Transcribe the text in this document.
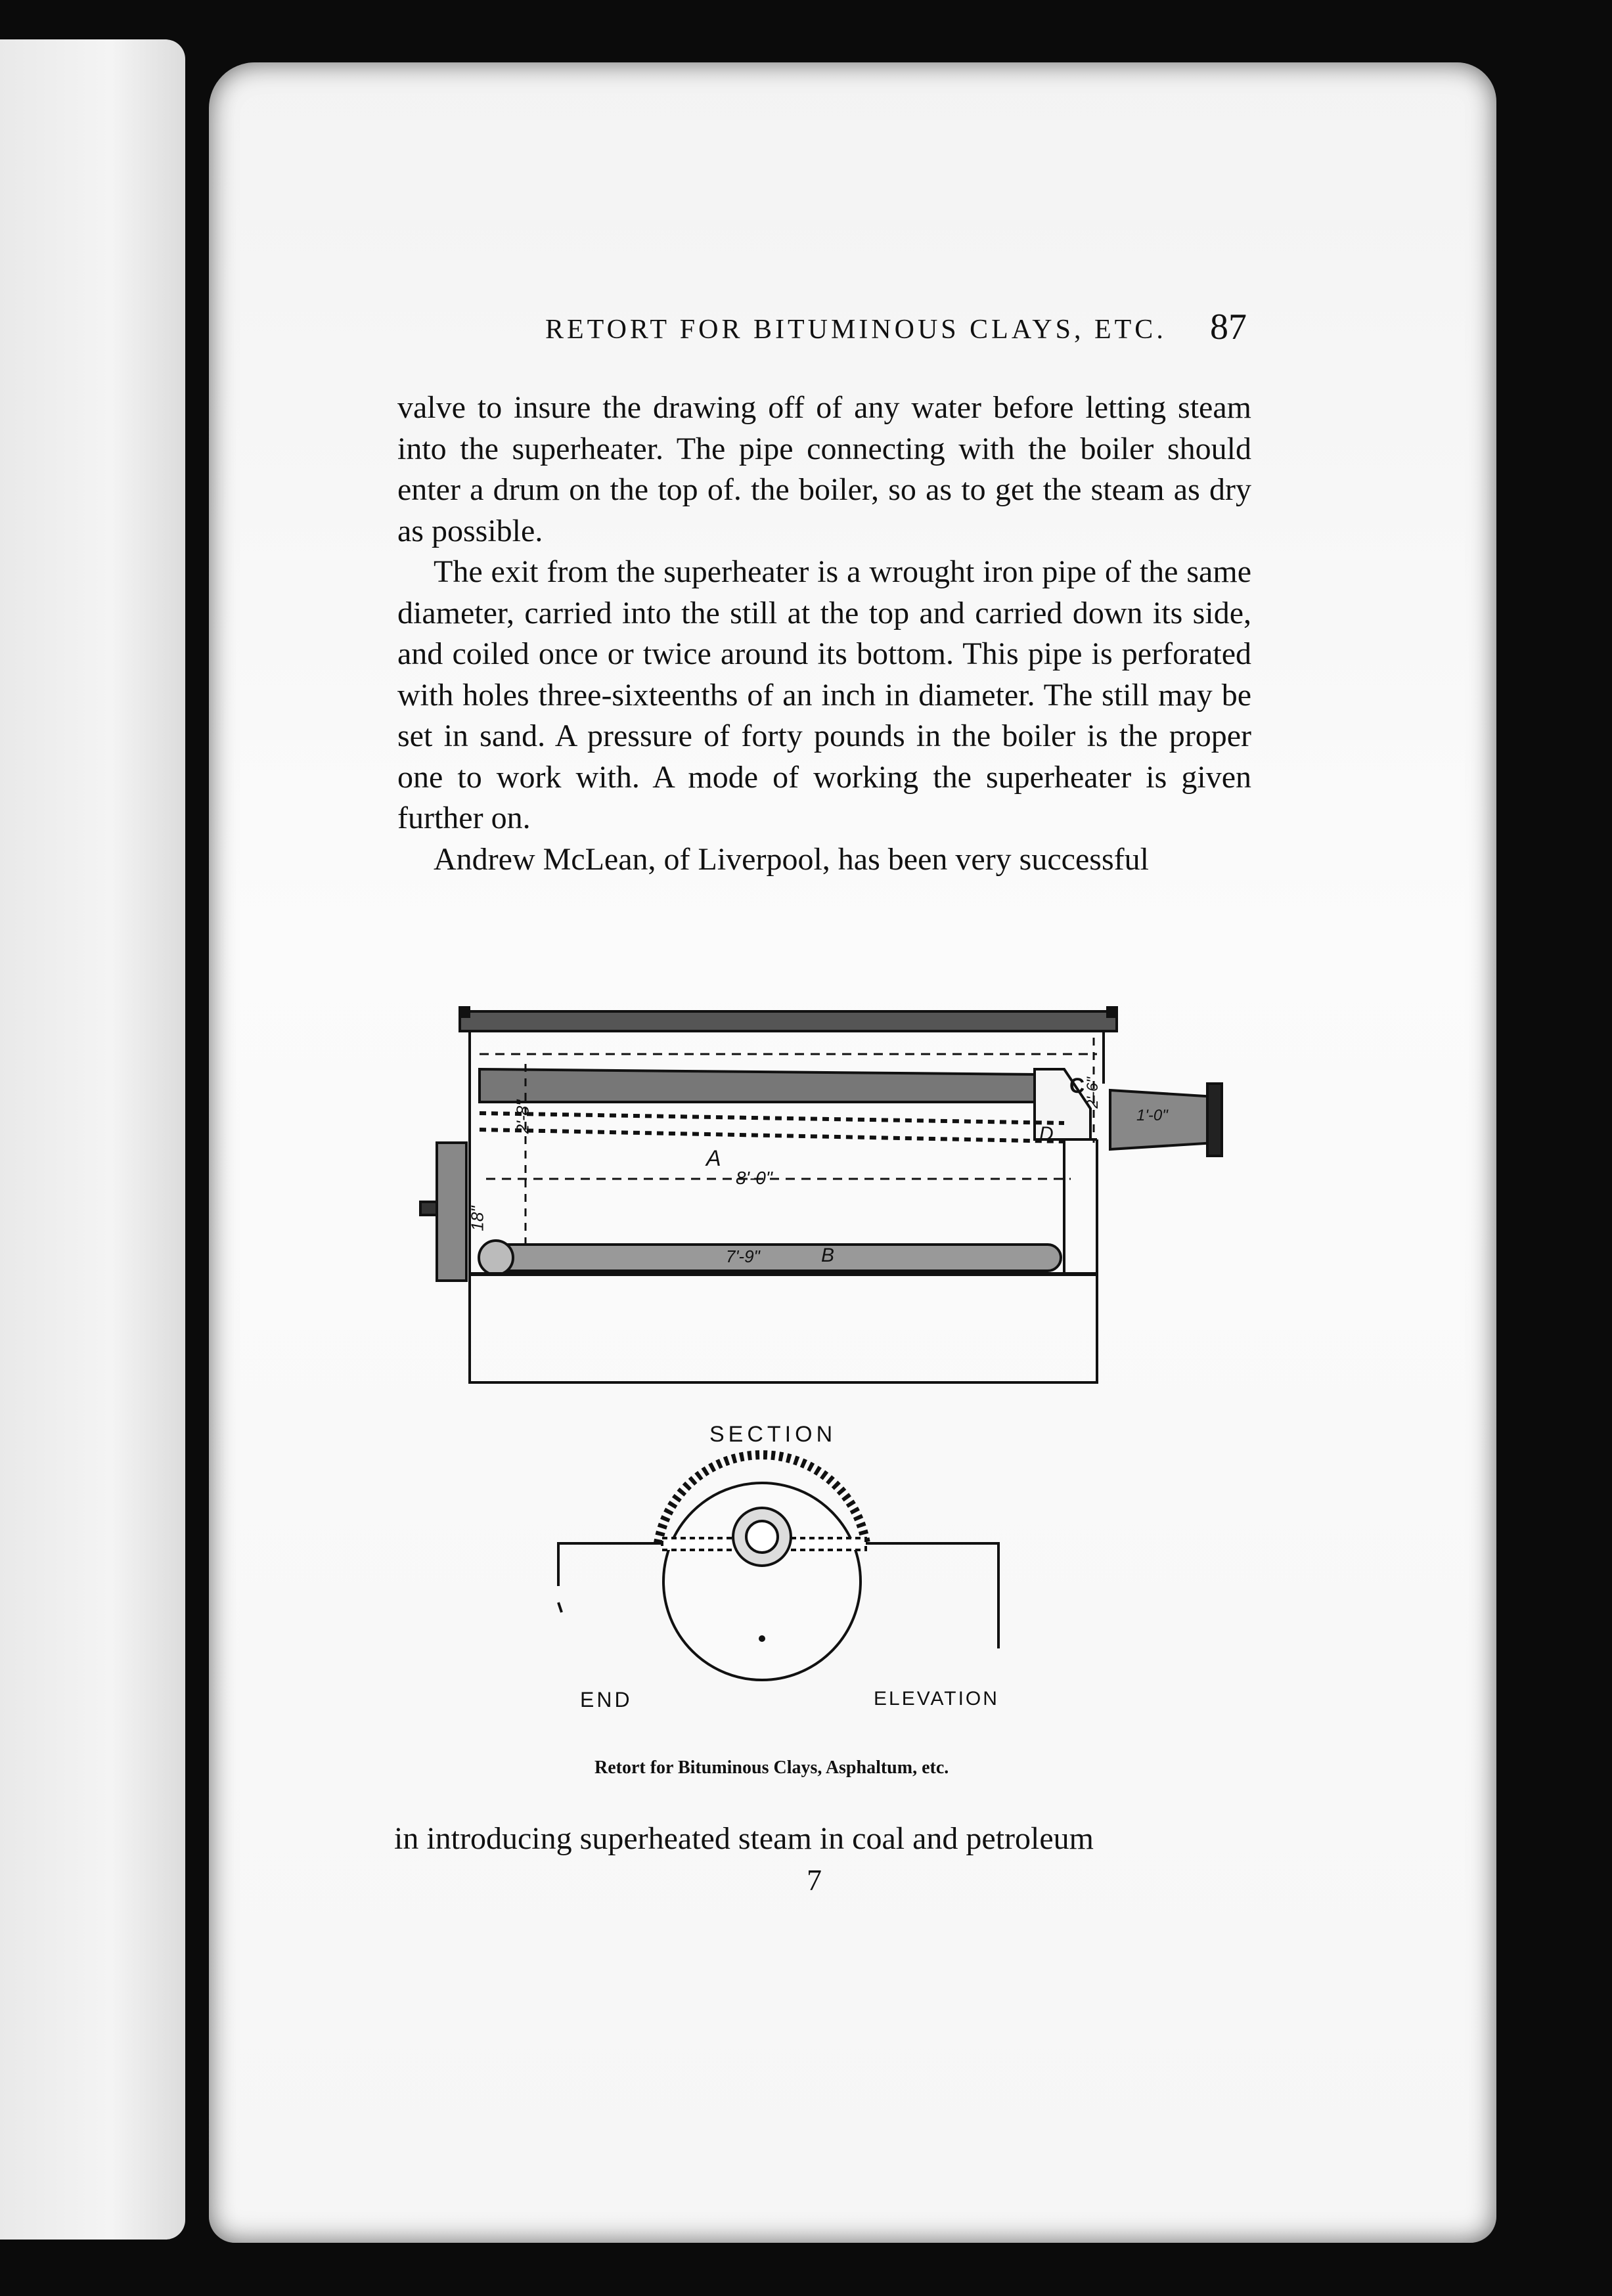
RETORT FOR BITUMINOUS CLAYS, ETC. 87

valve to insure the drawing off of any water before letting steam into the superheater. The pipe connecting with the boiler should enter a drum on the top of. the boiler, so as to get the steam as dry as possible.

The exit from the superheater is a wrought iron pipe of the same diameter, carried into the still at the top and carried down its side, and coiled once or twice around its bottom. This pipe is perforated with holes three-sixteenths of an inch in diameter. The still may be set in sand. A pressure of forty pounds in the boiler is the proper one to work with. A mode of working the superheater is given further on.

Andrew McLean, of Liverpool, has been very successful

A
B
C
D
8'-0"
7'-9"
2'-8"
18"
2'-6"
1'-0"
SECTION
END	ELEVATION
Retort for Bituminous Clays, Asphaltum, etc.
in introducing superheated steam in coal and petroleum
7
